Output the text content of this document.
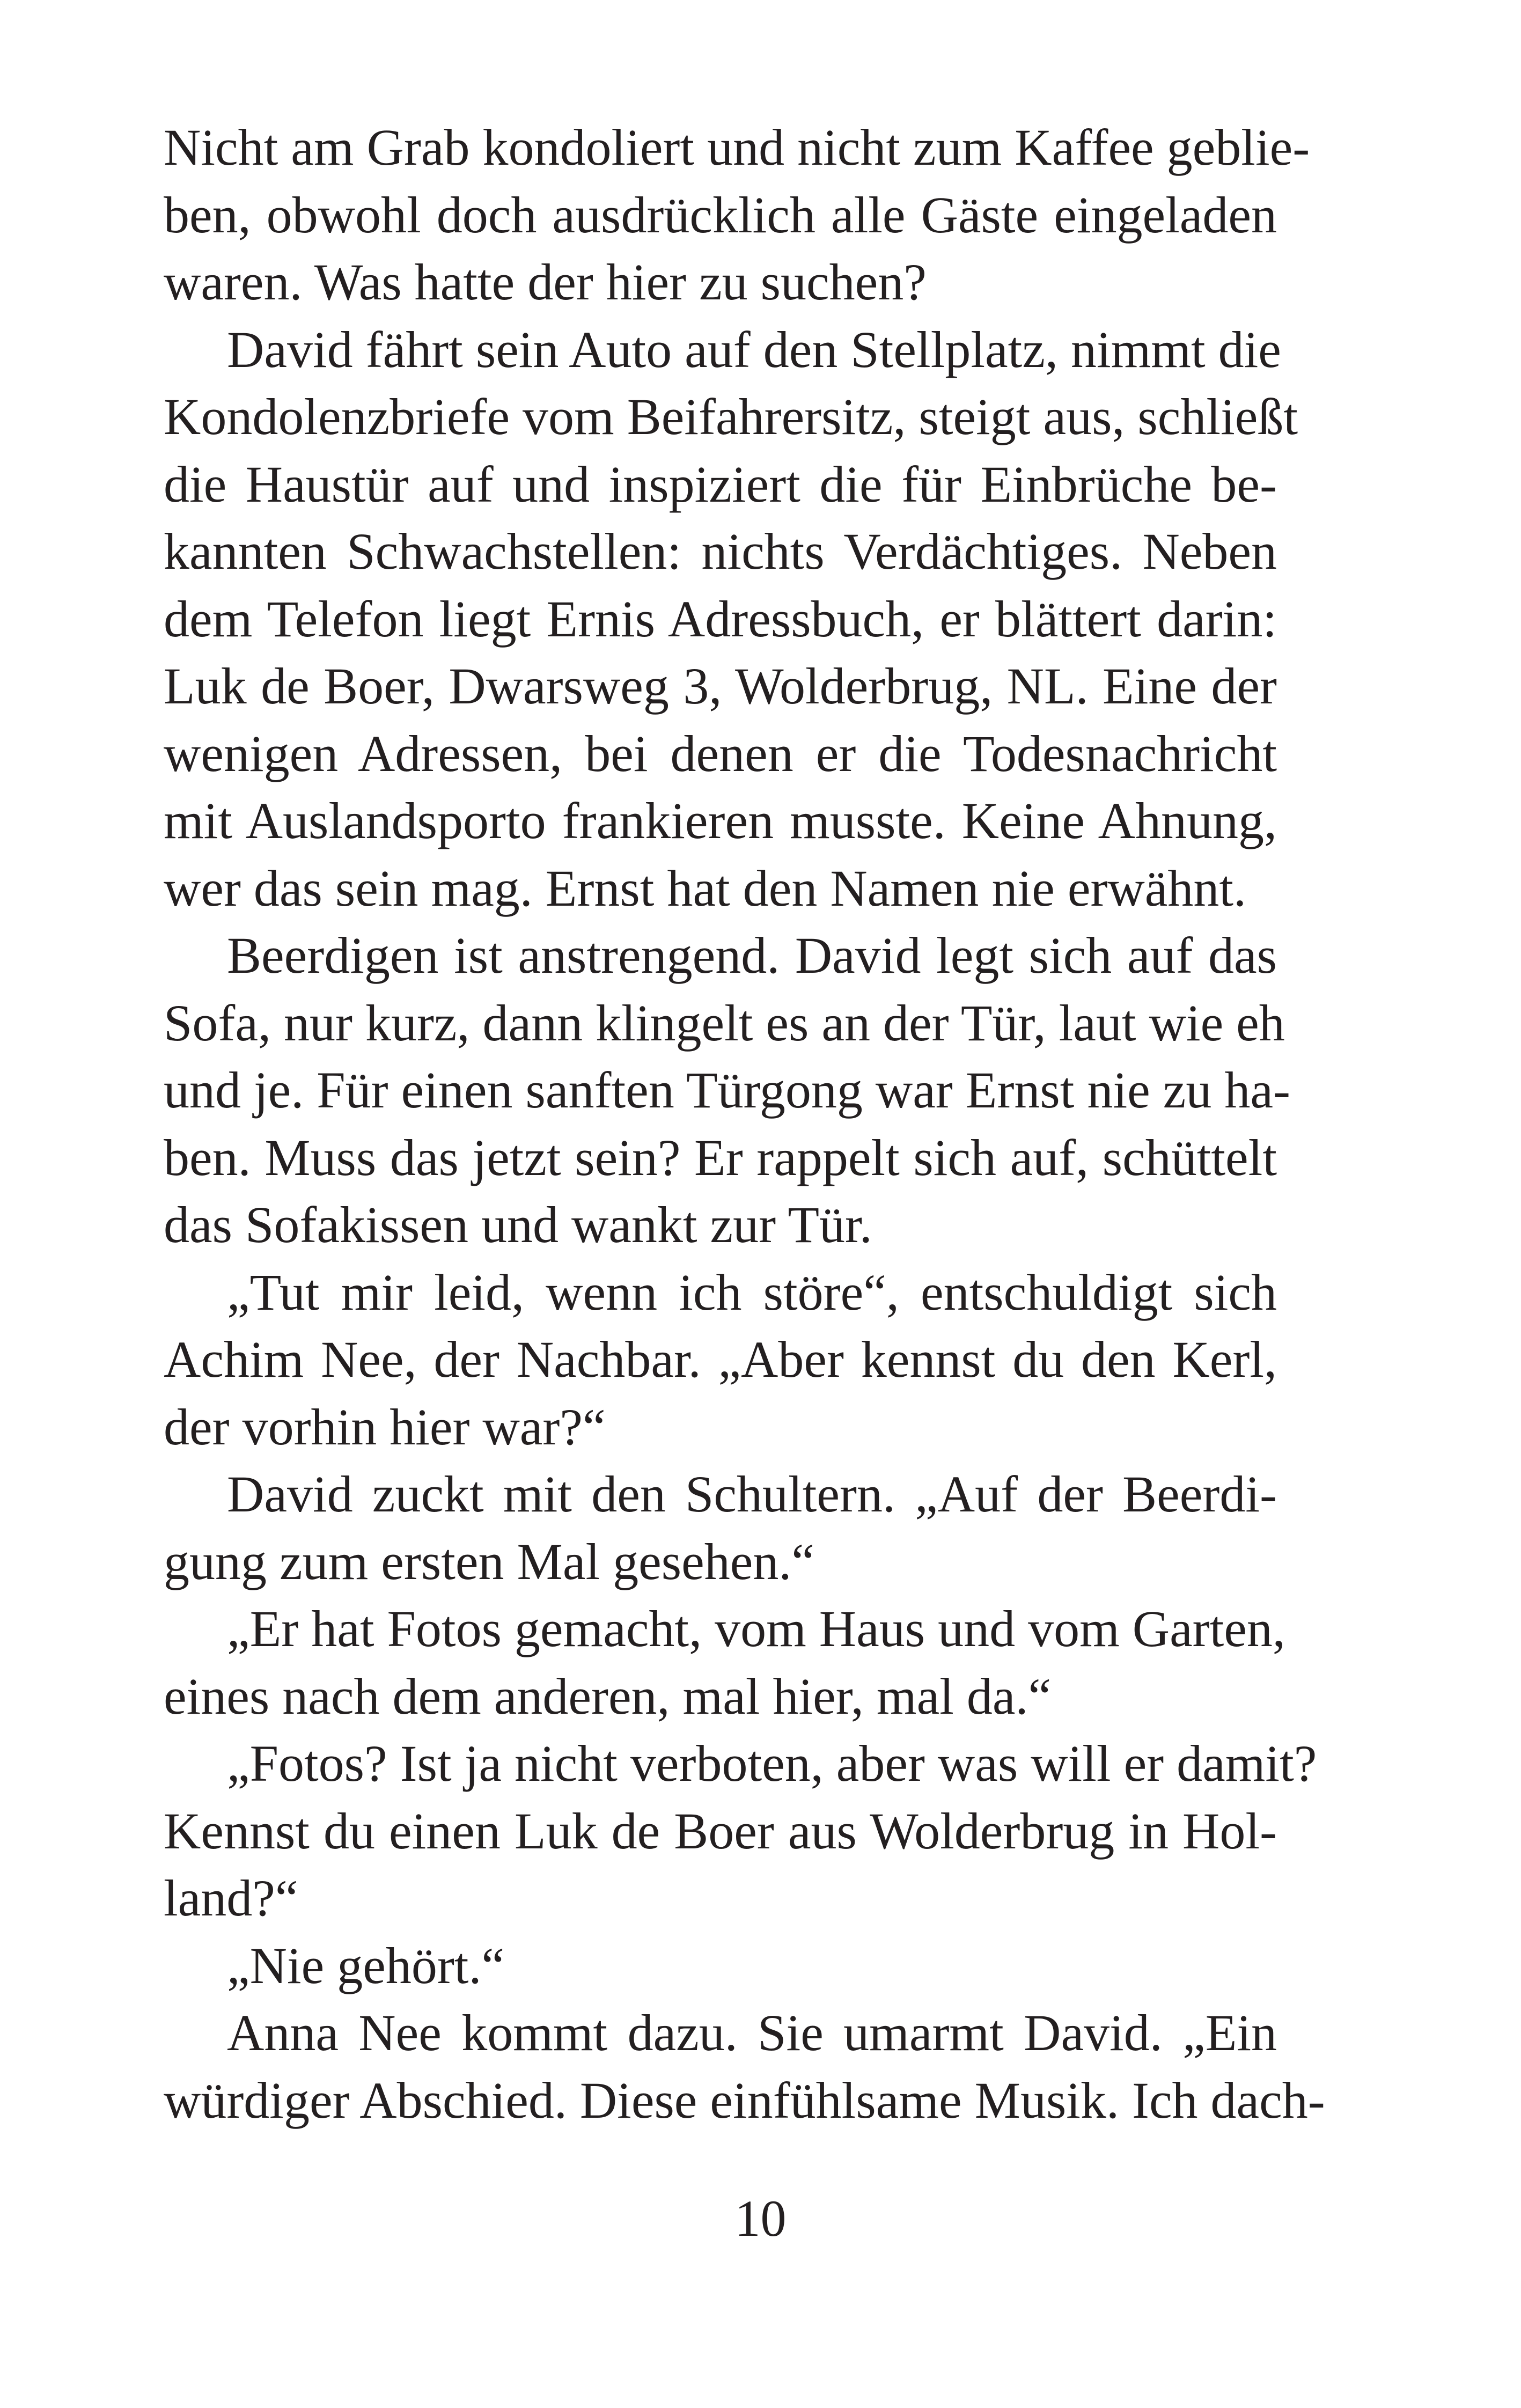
Nicht am Grab kondoliert und nicht zum Kaffee geblie-
ben, obwohl doch ausdrücklich alle Gäste eingeladen
waren. Was hatte der hier zu suchen?
David fährt sein Auto auf den Stellplatz, nimmt die
Kondolenzbriefe vom Beifahrersitz, steigt aus, schließt
die Haustür auf und inspiziert die für Einbrüche be-
kannten Schwachstellen: nichts Verdächtiges. Neben
dem Telefon liegt Ernis Adressbuch, er blättert darin:
Luk de Boer, Dwarsweg 3, Wolderbrug, NL. Eine der
wenigen Adressen, bei denen er die Todesnachricht
mit Auslandsporto frankieren musste. Keine Ahnung,
wer das sein mag. Ernst hat den Namen nie erwähnt.
Beerdigen ist anstrengend. David legt sich auf das
Sofa, nur kurz, dann klingelt es an der Tür, laut wie eh
und je. Für einen sanften Türgong war Ernst nie zu ha-
ben. Muss das jetzt sein? Er rappelt sich auf, schüttelt
das Sofakissen und wankt zur Tür.
„Tut mir leid, wenn ich störe“, entschuldigt sich
Achim Nee, der Nachbar. „Aber kennst du den Kerl,
der vorhin hier war?“
David zuckt mit den Schultern. „Auf der Beerdi-
gung zum ersten Mal gesehen.“
„Er hat Fotos gemacht, vom Haus und vom Garten,
eines nach dem anderen, mal hier, mal da.“
„Fotos? Ist ja nicht verboten, aber was will er damit?
Kennst du einen Luk de Boer aus Wolderbrug in Hol-
land?“
„Nie gehört.“
Anna Nee kommt dazu. Sie umarmt David. „Ein
würdiger Abschied. Diese einfühlsame Musik. Ich dach-
10
